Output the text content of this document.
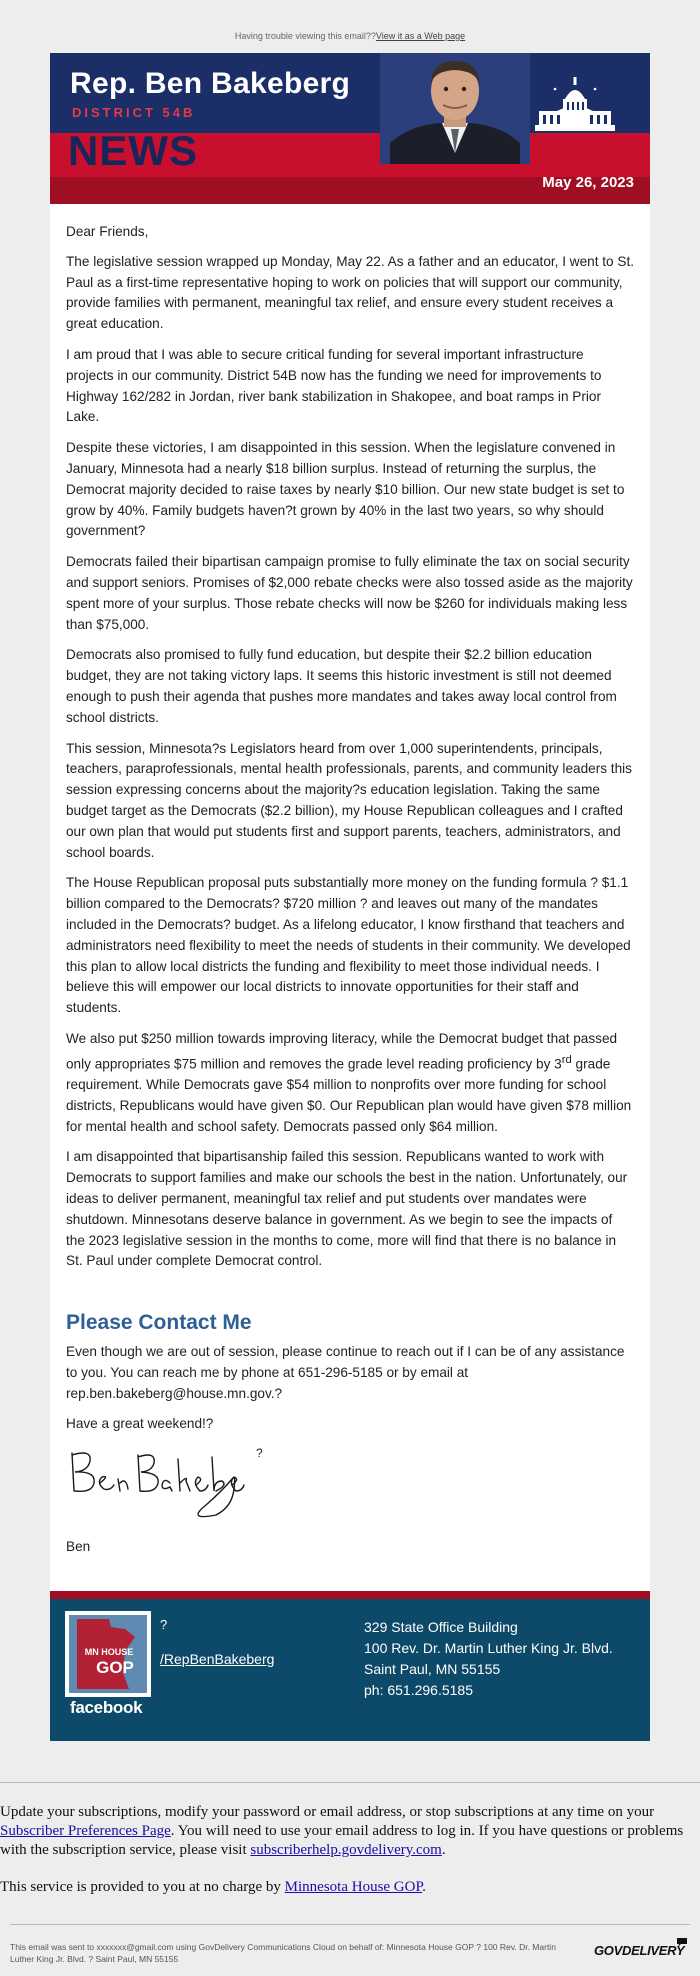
Having trouble viewing this email??View it as a Web page
Rep. Ben Bakeberg
DISTRICT 54B
NEWS
May 26, 2023

Dear Friends,

The legislative session wrapped up Monday, May 22. As a father and an educator, I went to St. Paul as a first-time representative hoping to work on policies that will support our community, provide families with permanent, meaningful tax relief, and ensure every student receives a great education.

I am proud that I was able to secure critical funding for several important infrastructure projects in our community. District 54B now has the funding we need for improvements to Highway 162/282 in Jordan, river bank stabilization in Shakopee, and boat ramps in Prior Lake.

Despite these victories, I am disappointed in this session. When the legislature convened in January, Minnesota had a nearly $18 billion surplus. Instead of returning the surplus, the Democrat majority decided to raise taxes by nearly $10 billion. Our new state budget is set to grow by 40%. Family budgets haven?t grown by 40% in the last two years, so why should government?

Democrats failed their bipartisan campaign promise to fully eliminate the tax on social security and support seniors. Promises of $2,000 rebate checks were also tossed aside as the majority spent more of your surplus. Those rebate checks will now be $260 for individuals making less than $75,000.

Democrats also promised to fully fund education, but despite their $2.2 billion education budget, they are not taking victory laps. It seems this historic investment is still not deemed enough to push their agenda that pushes more mandates and takes away local control from school districts.

This session, Minnesota?s Legislators heard from over 1,000 superintendents, principals, teachers, paraprofessionals, mental health professionals, parents, and community leaders this session expressing concerns about the majority?s education legislation. Taking the same budget target as the Democrats ($2.2 billion), my House Republican colleagues and I crafted our own plan that would put students first and support parents, teachers, administrators, and school boards.

The House Republican proposal puts substantially more money on the funding formula ? $1.1 billion compared to the Democrats? $720 million ? and leaves out many of the mandates included in the Democrats? budget. As a lifelong educator, I know firsthand that teachers and administrators need flexibility to meet the needs of students in their community. We developed this plan to allow local districts the funding and flexibility to meet those individual needs. I believe this will empower our local districts to innovate opportunities for their staff and students.

We also put $250 million towards improving literacy, while the Democrat budget that passed only appropriates $75 million and removes the grade level reading proficiency by 3rd grade requirement. While Democrats gave $54 million to nonprofits over more funding for school districts, Republicans would have given $0. Our Republican plan would have given $78 million for mental health and school safety. Democrats passed only $64 million.

I am disappointed that bipartisanship failed this session. Republicans wanted to work with Democrats to support families and make our schools the best in the nation. Unfortunately, our ideas to deliver permanent, meaningful tax relief and put students over mandates were shutdown. Minnesotans deserve balance in government. As we begin to see the impacts of the 2023 legislative session in the months to come, more will find that there is no balance in St. Paul under complete Democrat control.

Please Contact Me

Even though we are out of session, please continue to reach out if I can be of any assistance to you. You can reach me by phone at 651-296-5185 or by email at rep.ben.bakeberg@house.mn.gov.?

Have a great weekend!?

?

Ben

MN HOUSE
GOP
facebook
?
/RepBenBakeberg
329 State Office Building
100 Rev. Dr. Martin Luther King Jr. Blvd.
Saint Paul, MN 55155
ph: 651.296.5185

Update your subscriptions, modify your password or email address, or stop subscriptions at any time on your Subscriber Preferences Page. You will need to use your email address to log in. If you have questions or problems with the subscription service, please visit subscriberhelp.govdelivery.com.

This service is provided to you at no charge by Minnesota House GOP.

This email was sent to xxxxxxx@gmail.com using GovDelivery Communications Cloud on behalf of: Minnesota House GOP ? 100 Rev. Dr. Martin Luther King Jr. Blvd. ? Saint Paul, MN 55155
GOVDELIVERY
